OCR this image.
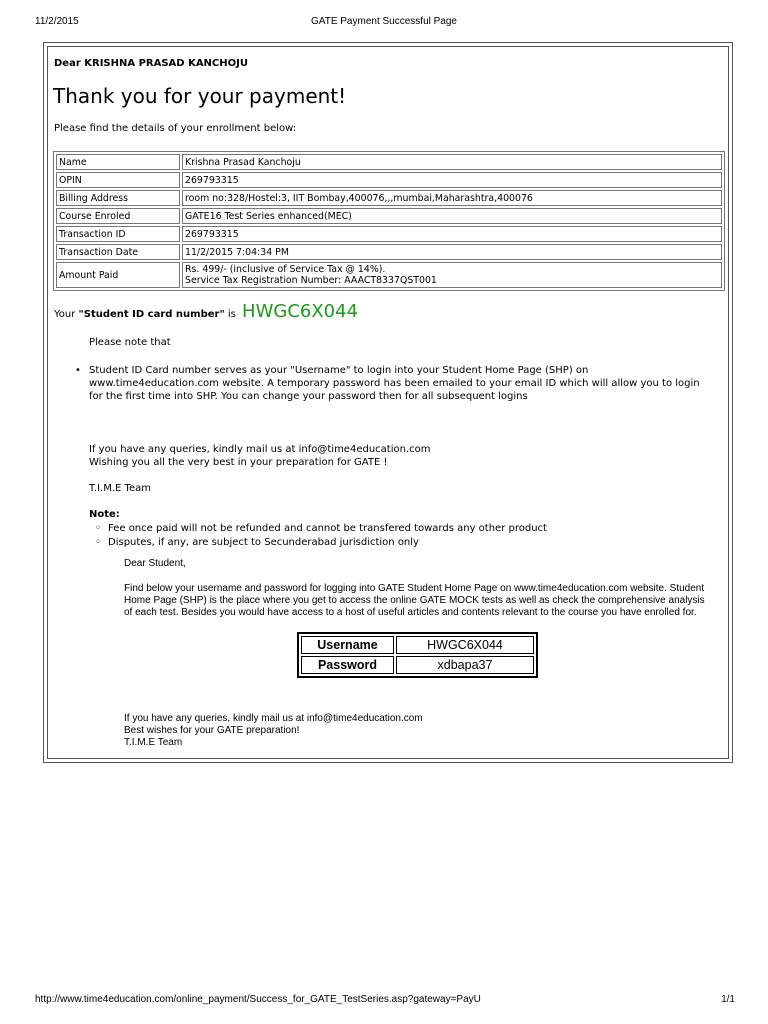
11/2/2015	GATE Payment Successful Page
Dear KRISHNA PRASAD KANCHOJU
Thank you for your payment!
Please find the details of your enrollment below:
Name	Krishna Prasad Kanchoju
OPIN	269793315
Billing Address	room no:328/Hostel:3, IIT Bombay,400076,,,mumbai,Maharashtra,400076
Course Enroled	GATE16 Test Series enhanced(MEC)
Transaction ID	269793315
Transaction Date	11/2/2015 7:04:34 PM
Amount Paid	Rs. 499/- (inclusive of Service Tax @ 14%).
Service Tax Registration Number: AAACT8337QST001
Your "Student ID card number" is HWGC6X044
Please note that
• Student ID Card number serves as your "Username" to login into your Student Home Page (SHP) on www.time4education.com website. A temporary password has been emailed to your email ID which will allow you to login for the first time into SHP. You can change your password then for all subsequent logins
If you have any queries, kindly mail us at info@time4education.com
Wishing you all the very best in your preparation for GATE !
T.I.M.E Team
Note:
◦ Fee once paid will not be refunded and cannot be transfered towards any other product
◦ Disputes, if any, are subject to Secunderabad jurisdiction only
Dear Student,
Find below your username and password for logging into GATE Student Home Page on www.time4education.com website. Student Home Page (SHP) is the place where you get to access the online GATE MOCK tests as well as check the comprehensive analysis of each test. Besides you would have access to a host of useful articles and contents relevant to the course you have enrolled for.
Username	HWGC6X044
Password	xdbapa37
If you have any queries, kindly mail us at info@time4education.com
Best wishes for your GATE preparation!
T.I.M.E Team
http://www.time4education.com/online_payment/Success_for_GATE_TestSeries.asp?gateway=PayU	1/1
